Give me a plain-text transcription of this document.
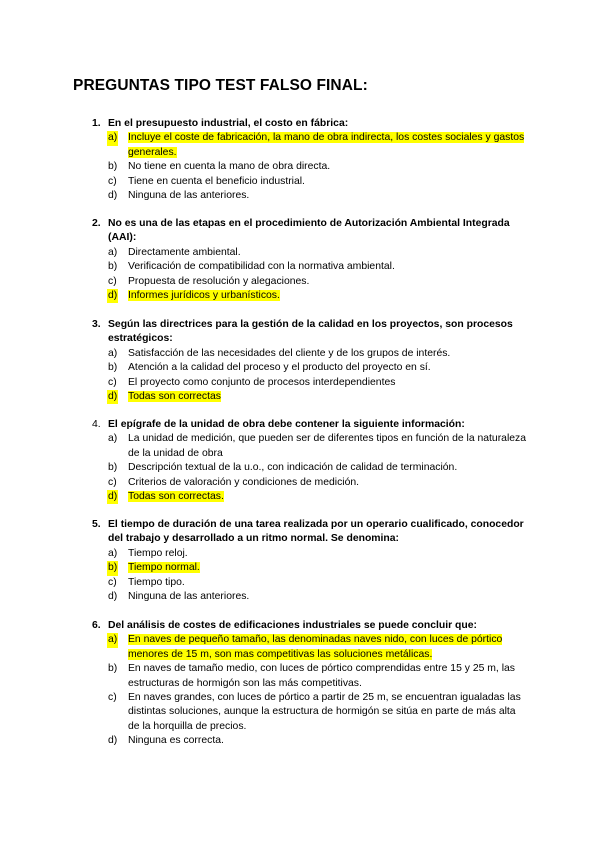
PREGUNTAS TIPO TEST FALSO FINAL:
1. En el presupuesto industrial, el costo en fábrica:
a) Incluye el coste de fabricación, la mano de obra indirecta, los costes sociales y gastos generales.
b) No tiene en cuenta la mano de obra directa.
c) Tiene en cuenta el beneficio industrial.
d) Ninguna de las anteriores.
2. No es una de las etapas en el procedimiento de Autorización Ambiental Integrada (AAI):
a) Directamente ambiental.
b) Verificación de compatibilidad con la normativa ambiental.
c) Propuesta de resolución y alegaciones.
d) Informes jurídicos y urbanísticos.
3. Según las directrices para la gestión de la calidad en los proyectos, son procesos estratégicos:
a) Satisfacción de las necesidades del cliente y de los grupos de interés.
b) Atención a la calidad del proceso y el producto del proyecto en sí.
c) El proyecto como conjunto de procesos interdependientes
d) Todas son correctas
4. El epígrafe de la unidad de obra debe contener la siguiente información:
a) La unidad de medición, que pueden ser de diferentes tipos en función de la naturaleza de la unidad de obra
b) Descripción textual de la u.o., con indicación de calidad de terminación.
c) Criterios de valoración y condiciones de medición.
d) Todas son correctas.
5. El tiempo de duración de una tarea realizada por un operario cualificado, conocedor del trabajo y desarrollado a un ritmo normal. Se denomina:
a) Tiempo reloj.
b) Tiempo normal.
c) Tiempo tipo.
d) Ninguna de las anteriores.
6. Del análisis de costes de edificaciones industriales se puede concluir que:
a) En naves de pequeño tamaño, las denominadas naves nido, con luces de pórtico menores de 15 m, son mas competitivas las soluciones metálicas.
b) En naves de tamaño medio, con luces de pórtico comprendidas entre 15 y 25 m, las estructuras de hormigón son las más competitivas.
c) En naves grandes, con luces de pórtico a partir de 25 m, se encuentran igualadas las distintas soluciones, aunque la estructura de hormigón se sitúa en parte de más alta de la horquilla de precios.
d) Ninguna es correcta.
